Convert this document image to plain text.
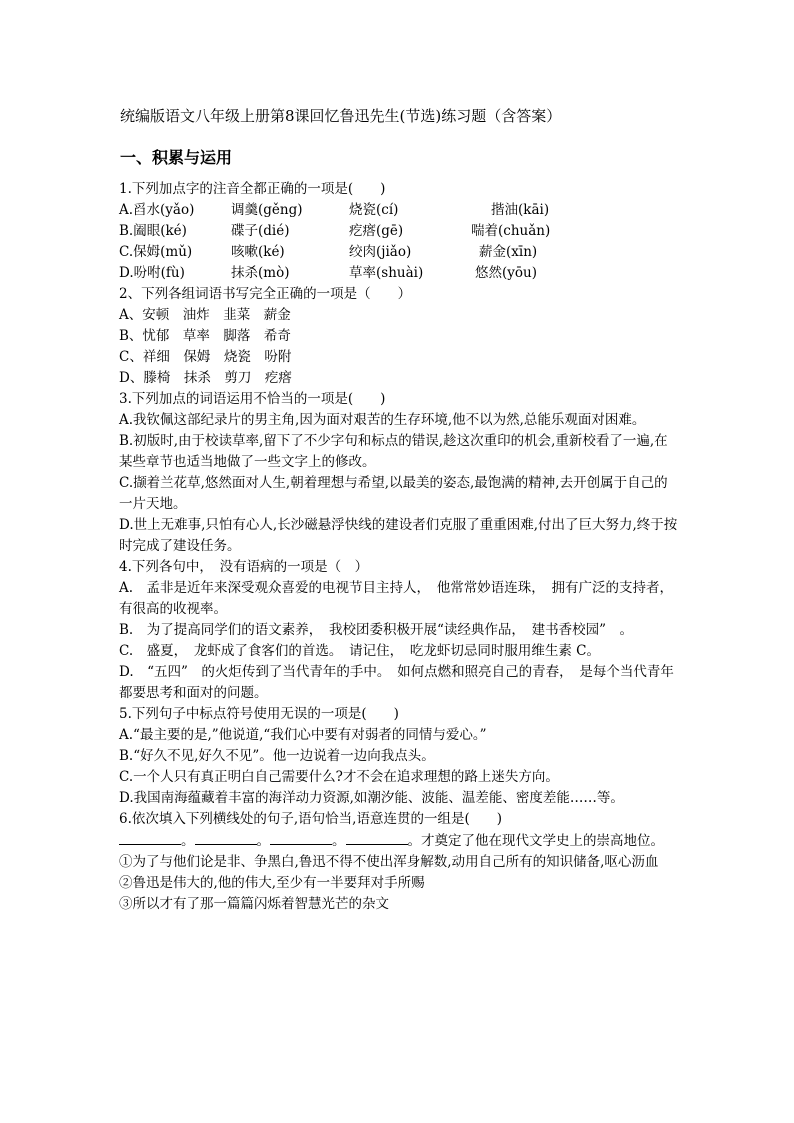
统编版语文八年级上册第8课回忆鲁迅先生(节选)练习题（含答案）
一、积累与运用
1.下列加点字的注音全都正确的一项是(　　)
A.舀水(yǎo)	调羹(gěng)	烧瓷(cí)	揩油(kāi)
B.阖眼(ké)	碟子(dié)	疙瘩(gē)	喘着(chuǎn)
C.保姆(mǔ)	咳嗽(ké)	绞肉(jiǎo)	薪金(xīn)
D.吩咐(fù)	抹杀(mò)	草率(shuài)	悠然(yōu)
2、下列各组词语书写完全正确的一项是（　　）
A、安顿　油炸　韭菜　薪金
B、忧郁　草率　脚落　希奇
C、祥细　保姆　烧瓷　吩附
D、滕椅　抹杀　剪刀　疙瘩
3.下列加点的词语运用不恰当的一项是(　　)
A.我钦佩这部纪录片的男主角,因为面对艰苦的生存环境,他不以为然,总能乐观面对困难。
B.初版时,由于校读草率,留下了不少字句和标点的错误,趁这次重印的机会,重新校看了一遍,在某些章节也适当地做了一些文字上的修改。
C.撷着兰花草,悠然面对人生,朝着理想与希望,以最美的姿态,最饱满的精神,去开创属于自己的一片天地。
D.世上无难事,只怕有心人,长沙磁悬浮快线的建设者们克服了重重困难,付出了巨大努力,终于按时完成了建设任务。
4.下列各句中，　没有语病的一项是（　）
A.　孟非是近年来深受观众喜爱的电视节目主持人，　他常常妙语连珠，　拥有广泛的支持者，　有很高的收视率。
B.　为了提高同学们的语文素养，　我校团委积极开展“读经典作品，　建书香校园”　。
C.　盛夏，　龙虾成了食客们的首选。　请记住，　吃龙虾切忌同时服用维生素 C。
D.　“五四”　的火炬传到了当代青年的手中。　如何点燃和照亮自己的青春，　是每个当代青年都要思考和面对的问题。
5.下列句子中标点符号使用无误的一项是(　　)
A.“最主要的是,”他说道,“我们心中要有对弱者的同情与爱心。”
B.“好久不见,好久不见”。他一边说着一边向我点头。
C.一个人只有真正明白自己需要什么?才不会在追求理想的路上迷失方向。
D.我国南海蕴藏着丰富的海洋动力资源,如潮汐能、波能、温差能、密度差能……等。
6.依次填入下列横线处的句子,语句恰当,语意连贯的一组是(　　)
。	。	。	。才奠定了他在现代文学史上的崇高地位。
①为了与他们论是非、争黑白,鲁迅不得不使出浑身解数,动用自己所有的知识储备,呕心沥血
②鲁迅是伟大的,他的伟大,至少有一半要拜对手所赐
③所以才有了那一篇篇闪烁着智慧光芒的杂文
